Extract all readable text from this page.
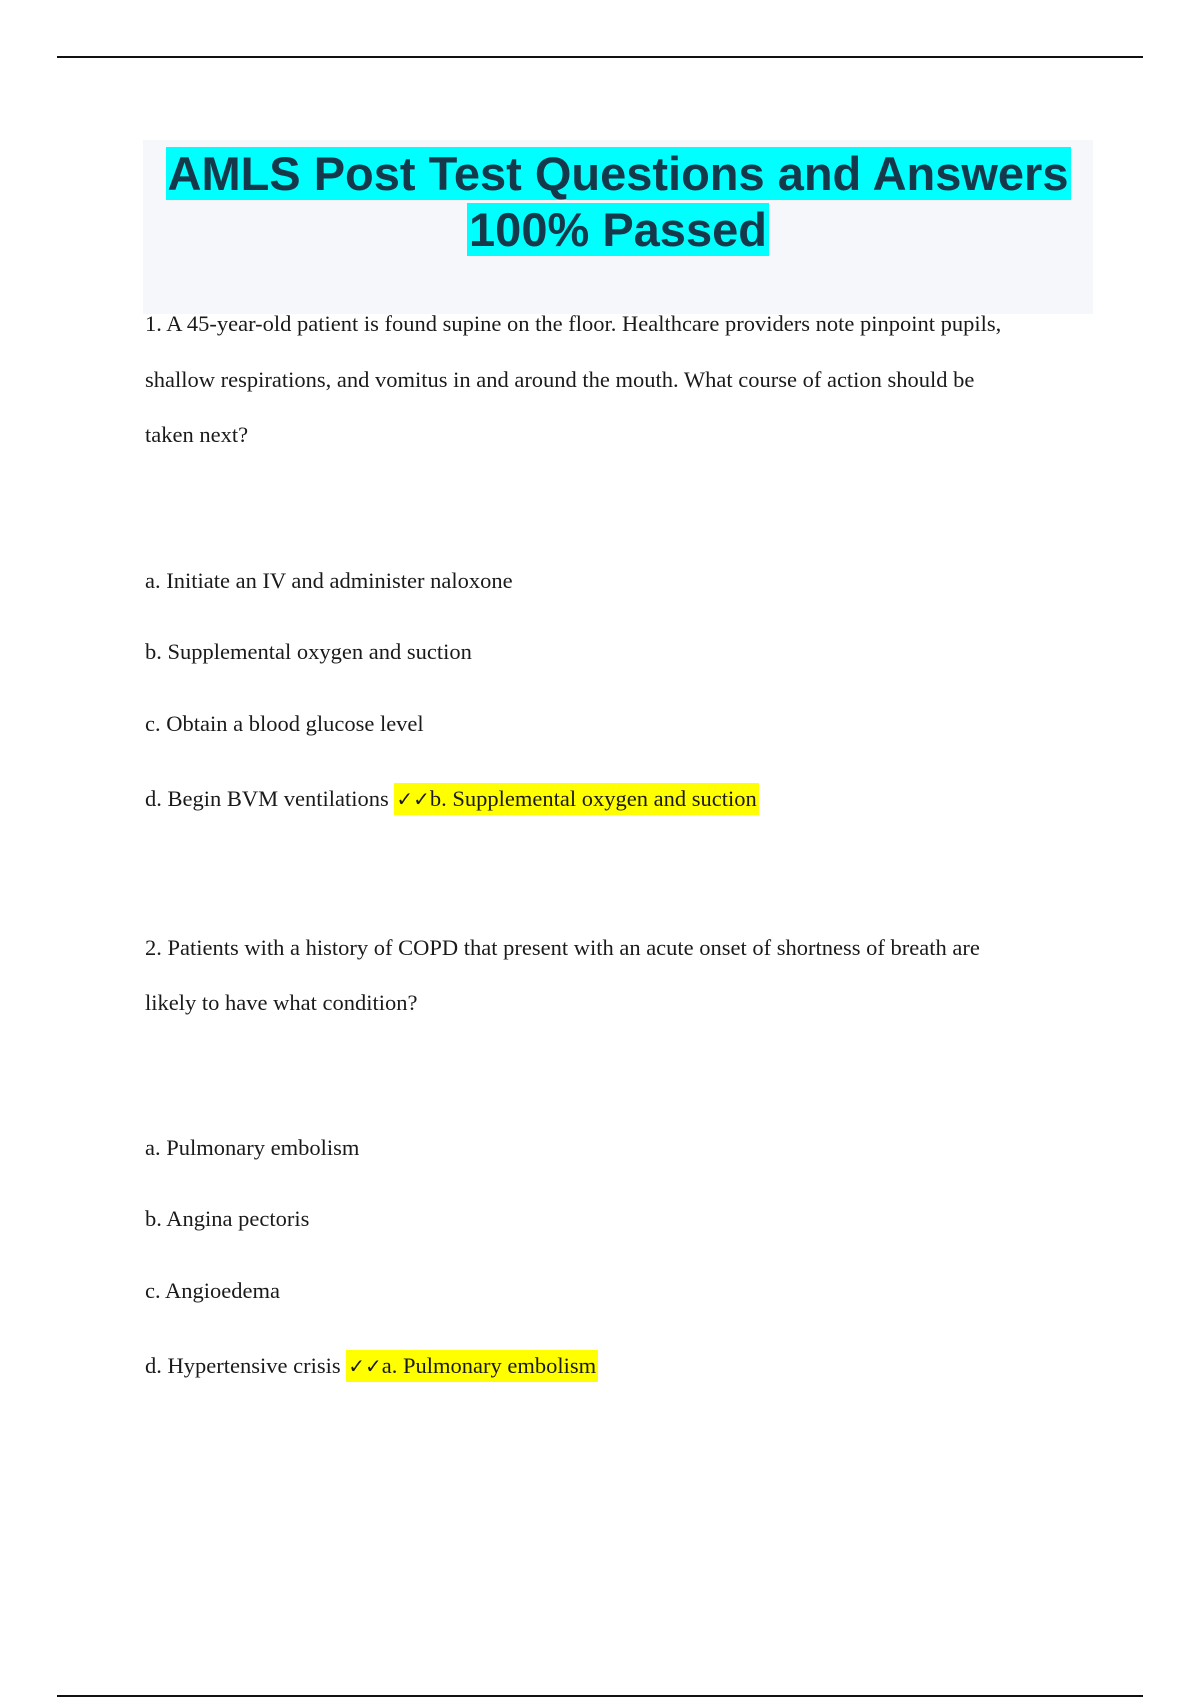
AMLS Post Test Questions and Answers
100% Passed

1. A 45-year-old patient is found supine on the floor. Healthcare providers note pinpoint pupils,

shallow respirations, and vomitus in and around the mouth. What course of action should be

taken next?

a. Initiate an IV and administer naloxone

b. Supplemental oxygen and suction

c. Obtain a blood glucose level

d. Begin BVM ventilations ✓✓b. Supplemental oxygen and suction

2. Patients with a history of COPD that present with an acute onset of shortness of breath are

likely to have what condition?

a. Pulmonary embolism

b. Angina pectoris

c. Angioedema

d. Hypertensive crisis ✓✓a. Pulmonary embolism
